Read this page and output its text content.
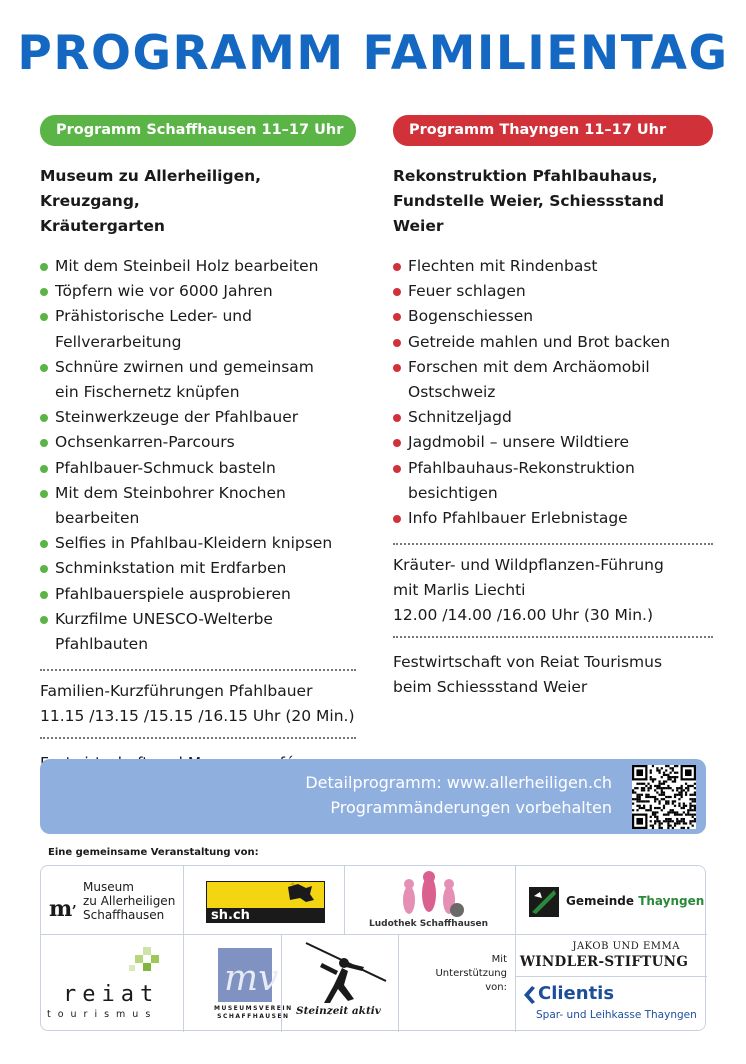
PROGRAMM FAMILIENTAG
Programm Schaffhausen 11–17 Uhr
Museum zu Allerheiligen, Kreuzgang,
Kräutergarten
Mit dem Steinbeil Holz bearbeiten
Töpfern wie vor 6000 Jahren
Prähistorische Leder- und
Fellverarbeitung
Schnüre zwirnen und gemeinsam
ein Fischernetz knüpfen
Steinwerkzeuge der Pfahlbauer
Ochsenkarren-Parcours
Pfahlbauer-Schmuck basteln
Mit dem Steinbohrer Knochen
bearbeiten
Selfies in Pfahlbau-Kleidern knipsen
Schminkstation mit Erdfarben
Pfahlbauerspiele ausprobieren
Kurzfilme UNESCO-Welterbe
Pfahlbauten
Familien-Kurzführungen Pfahlbauer
11.15 /13.15 /15.15 /16.15 Uhr (20 Min.)
Programm Thayngen 11–17 Uhr
Rekonstruktion Pfahlbauhaus,
Fundstelle Weier, Schiessstand Weier
Flechten mit Rindenbast
Feuer schlagen
Bogenschiessen
Getreide mahlen und Brot backen
Forschen mit dem Archäomobil
Ostschweiz
Schnitzeljagd
Jagdmobil – unsere Wildtiere
Pfahlbauhaus-Rekonstruktion
besichtigen
Info Pfahlbauer Erlebnistage
Kräuter- und Wildpflanzen-Führung
mit Marlis Liechti
12.00 /14.00 /16.00 Uhr (30 Min.)
Festwirtschaft von Reiat Tourismus
beim Schiessstand Weier
Detailprogramm: www.allerheiligen.ch
Programmänderungen vorbehalten
Eine gemeinsame Veranstaltung von:
m,
Museum
zu Allerheiligen
Schaffhausen	sh.ch
Ludothek Schaffhausen
Gemeinde Thayngen
reiat
tourismus
mv
MUSEUMSVEREIN
SCHAFFHAUSEN Steinzeit aktiv
Mit
Unterstützung
von:
JAKOB UND EMMA
WINDLER-STIFTUNG
Clientis
Spar- und Leihkasse Thayngen
